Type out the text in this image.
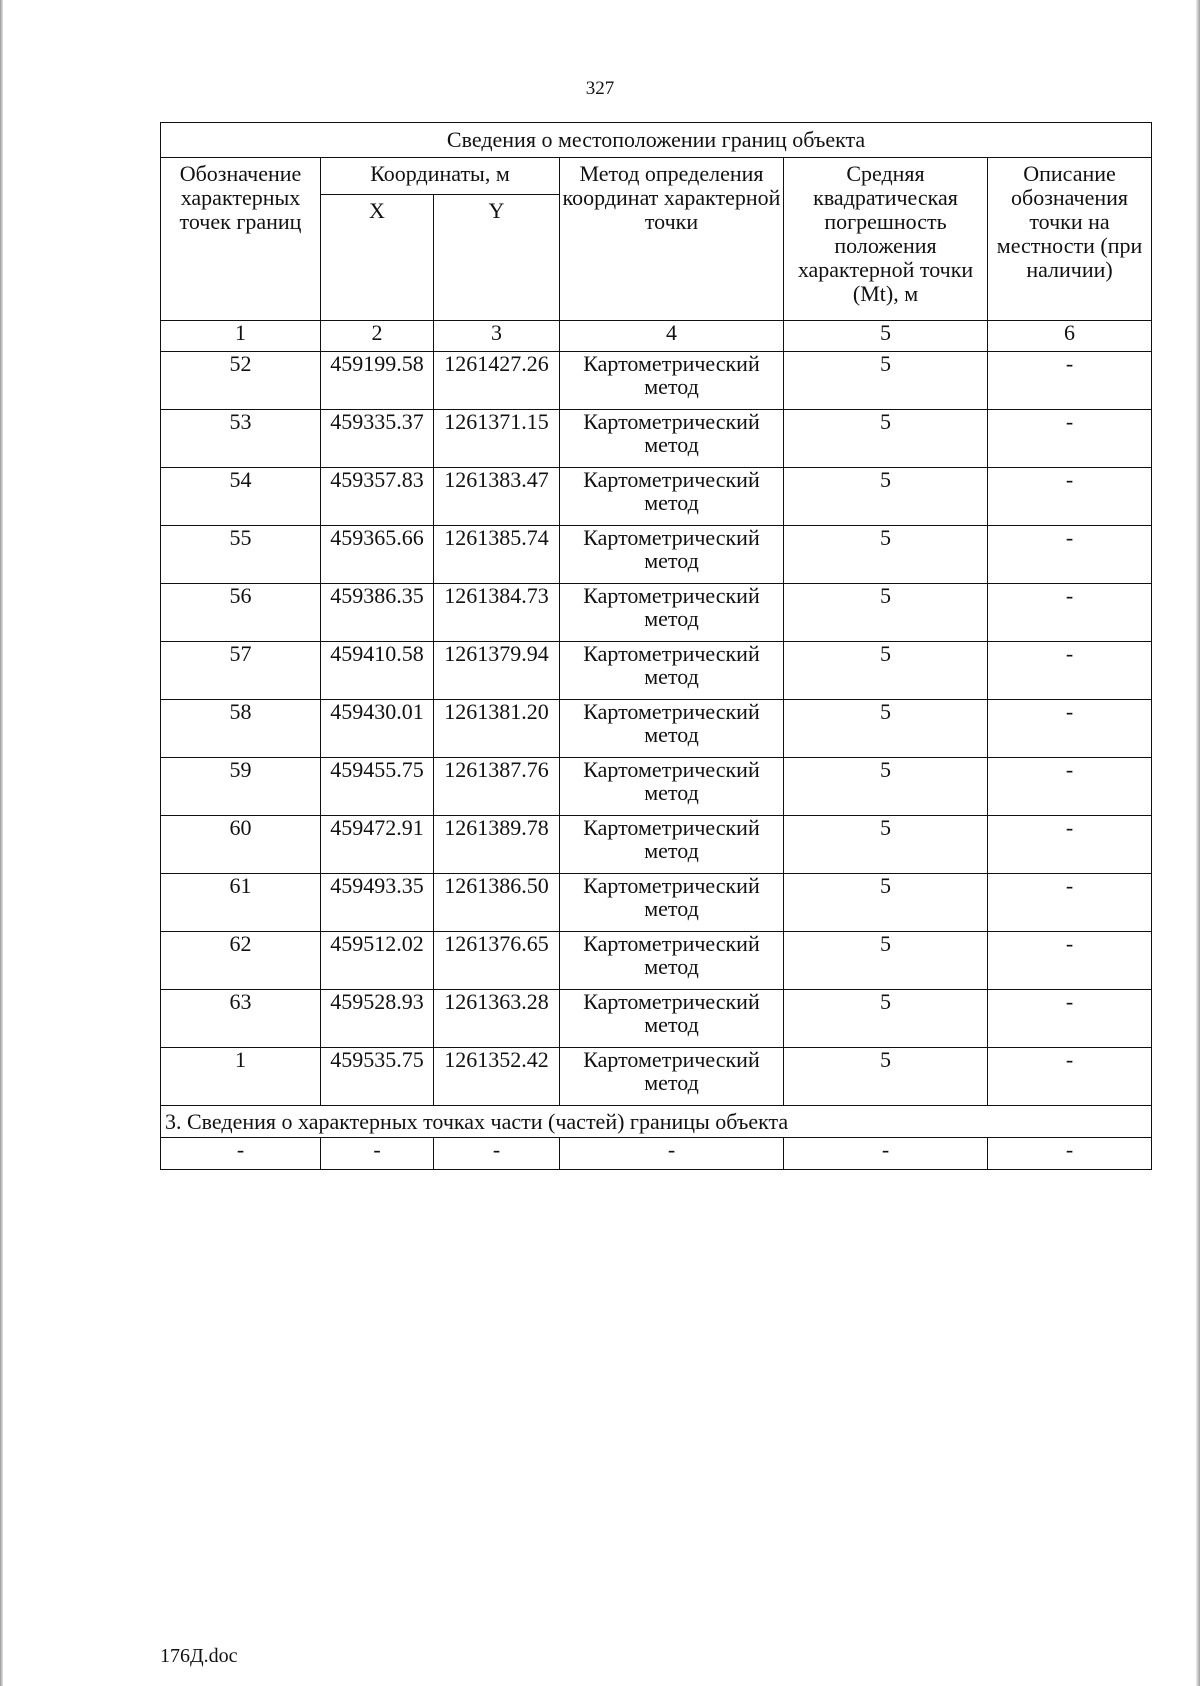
327
Сведения о местоположении границ объекта					
Обозначение характерных точек границ	Координаты, м		Метод определения координат характерной точки	Средняя квадратическая погрешность положения характерной точки (Mt), м	Описание обозначения точки на местности (при наличии)
	X	Y			
1	2	3	4	5	6
52	459199.58	1261427.26	Картометрический метод	5	-
53	459335.37	1261371.15	Картометрический метод	5	-
54	459357.83	1261383.47	Картометрический метод	5	-
55	459365.66	1261385.74	Картометрический метод	5	-
56	459386.35	1261384.73	Картометрический метод	5	-
57	459410.58	1261379.94	Картометрический метод	5	-
58	459430.01	1261381.20	Картометрический метод	5	-
59	459455.75	1261387.76	Картометрический метод	5	-
60	459472.91	1261389.78	Картометрический метод	5	-
61	459493.35	1261386.50	Картометрический метод	5	-
62	459512.02	1261376.65	Картометрический метод	5	-
63	459528.93	1261363.28	Картометрический метод	5	-
1	459535.75	1261352.42	Картометрический метод	5	-
3. Сведения о характерных точках части (частей) границы объекта					
-	-	-	-	-	-
176Д.doc
